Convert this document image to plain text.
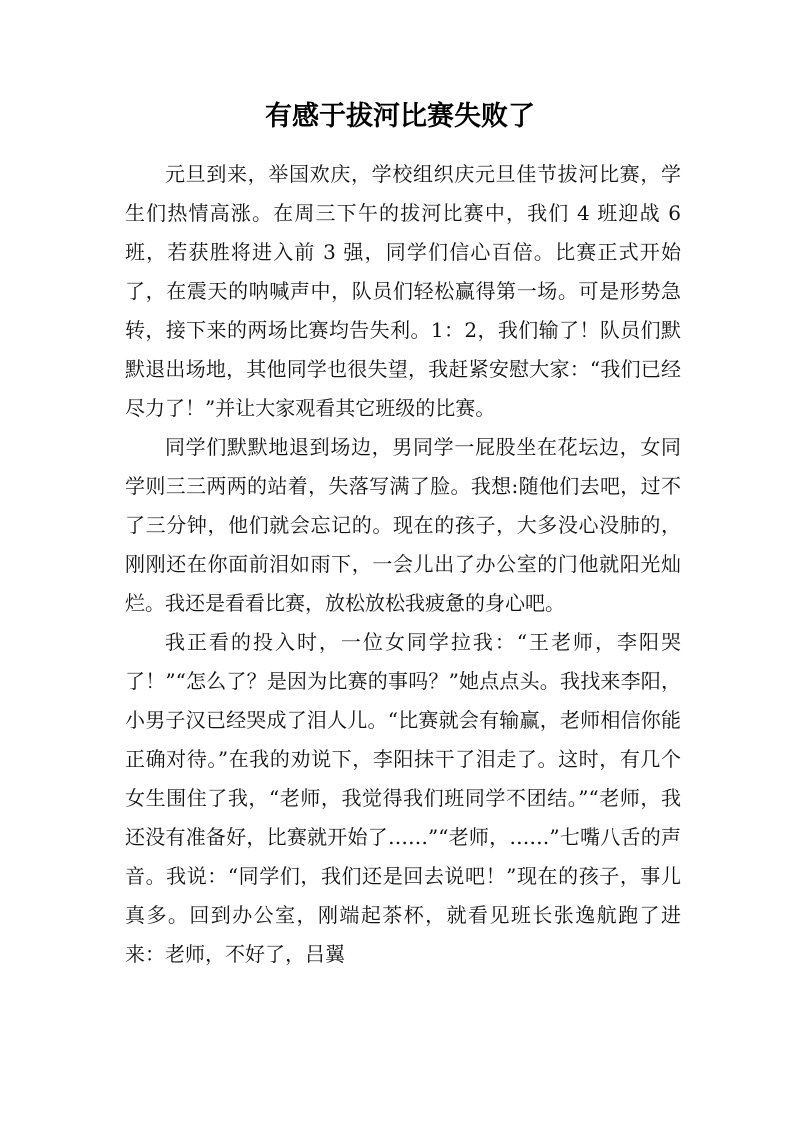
有感于拔河比赛失败了

元旦到来，举国欢庆，学校组织庆元旦佳节拔河比赛，学生们热情高涨。在周三下午的拔河比赛中，我们 4 班迎战 6 班，若获胜将进入前 3 强，同学们信心百倍。比赛正式开始了，在震天的呐喊声中，队员们轻松赢得第一场。可是形势急转，接下来的两场比赛均告失利。1：2，我们输了！队员们默默退出场地，其他同学也很失望，我赶紧安慰大家：“我们已经尽力了！”并让大家观看其它班级的比赛。

同学们默默地退到场边，男同学一屁股坐在花坛边，女同学则三三两两的站着，失落写满了脸。我想:随他们去吧，过不了三分钟，他们就会忘记的。现在的孩子，大多没心没肺的，刚刚还在你面前泪如雨下，一会儿出了办公室的门他就阳光灿烂。我还是看看比赛，放松放松我疲惫的身心吧。

我正看的投入时，一位女同学拉我：“王老师，李阳哭了！”“怎么了？是因为比赛的事吗？”她点点头。我找来李阳，小男子汉已经哭成了泪人儿。“比赛就会有输赢，老师相信你能正确对待。”在我的劝说下，李阳抹干了泪走了。这时，有几个女生围住了我，“老师，我觉得我们班同学不团结。”“老师，我还没有准备好，比赛就开始了……”“老师，……”七嘴八舌的声音。我说：“同学们，我们还是回去说吧！”现在的孩子，事儿真多。回到办公室，刚端起茶杯，就看见班长张逸航跑了进来：老师，不好了，吕翼
